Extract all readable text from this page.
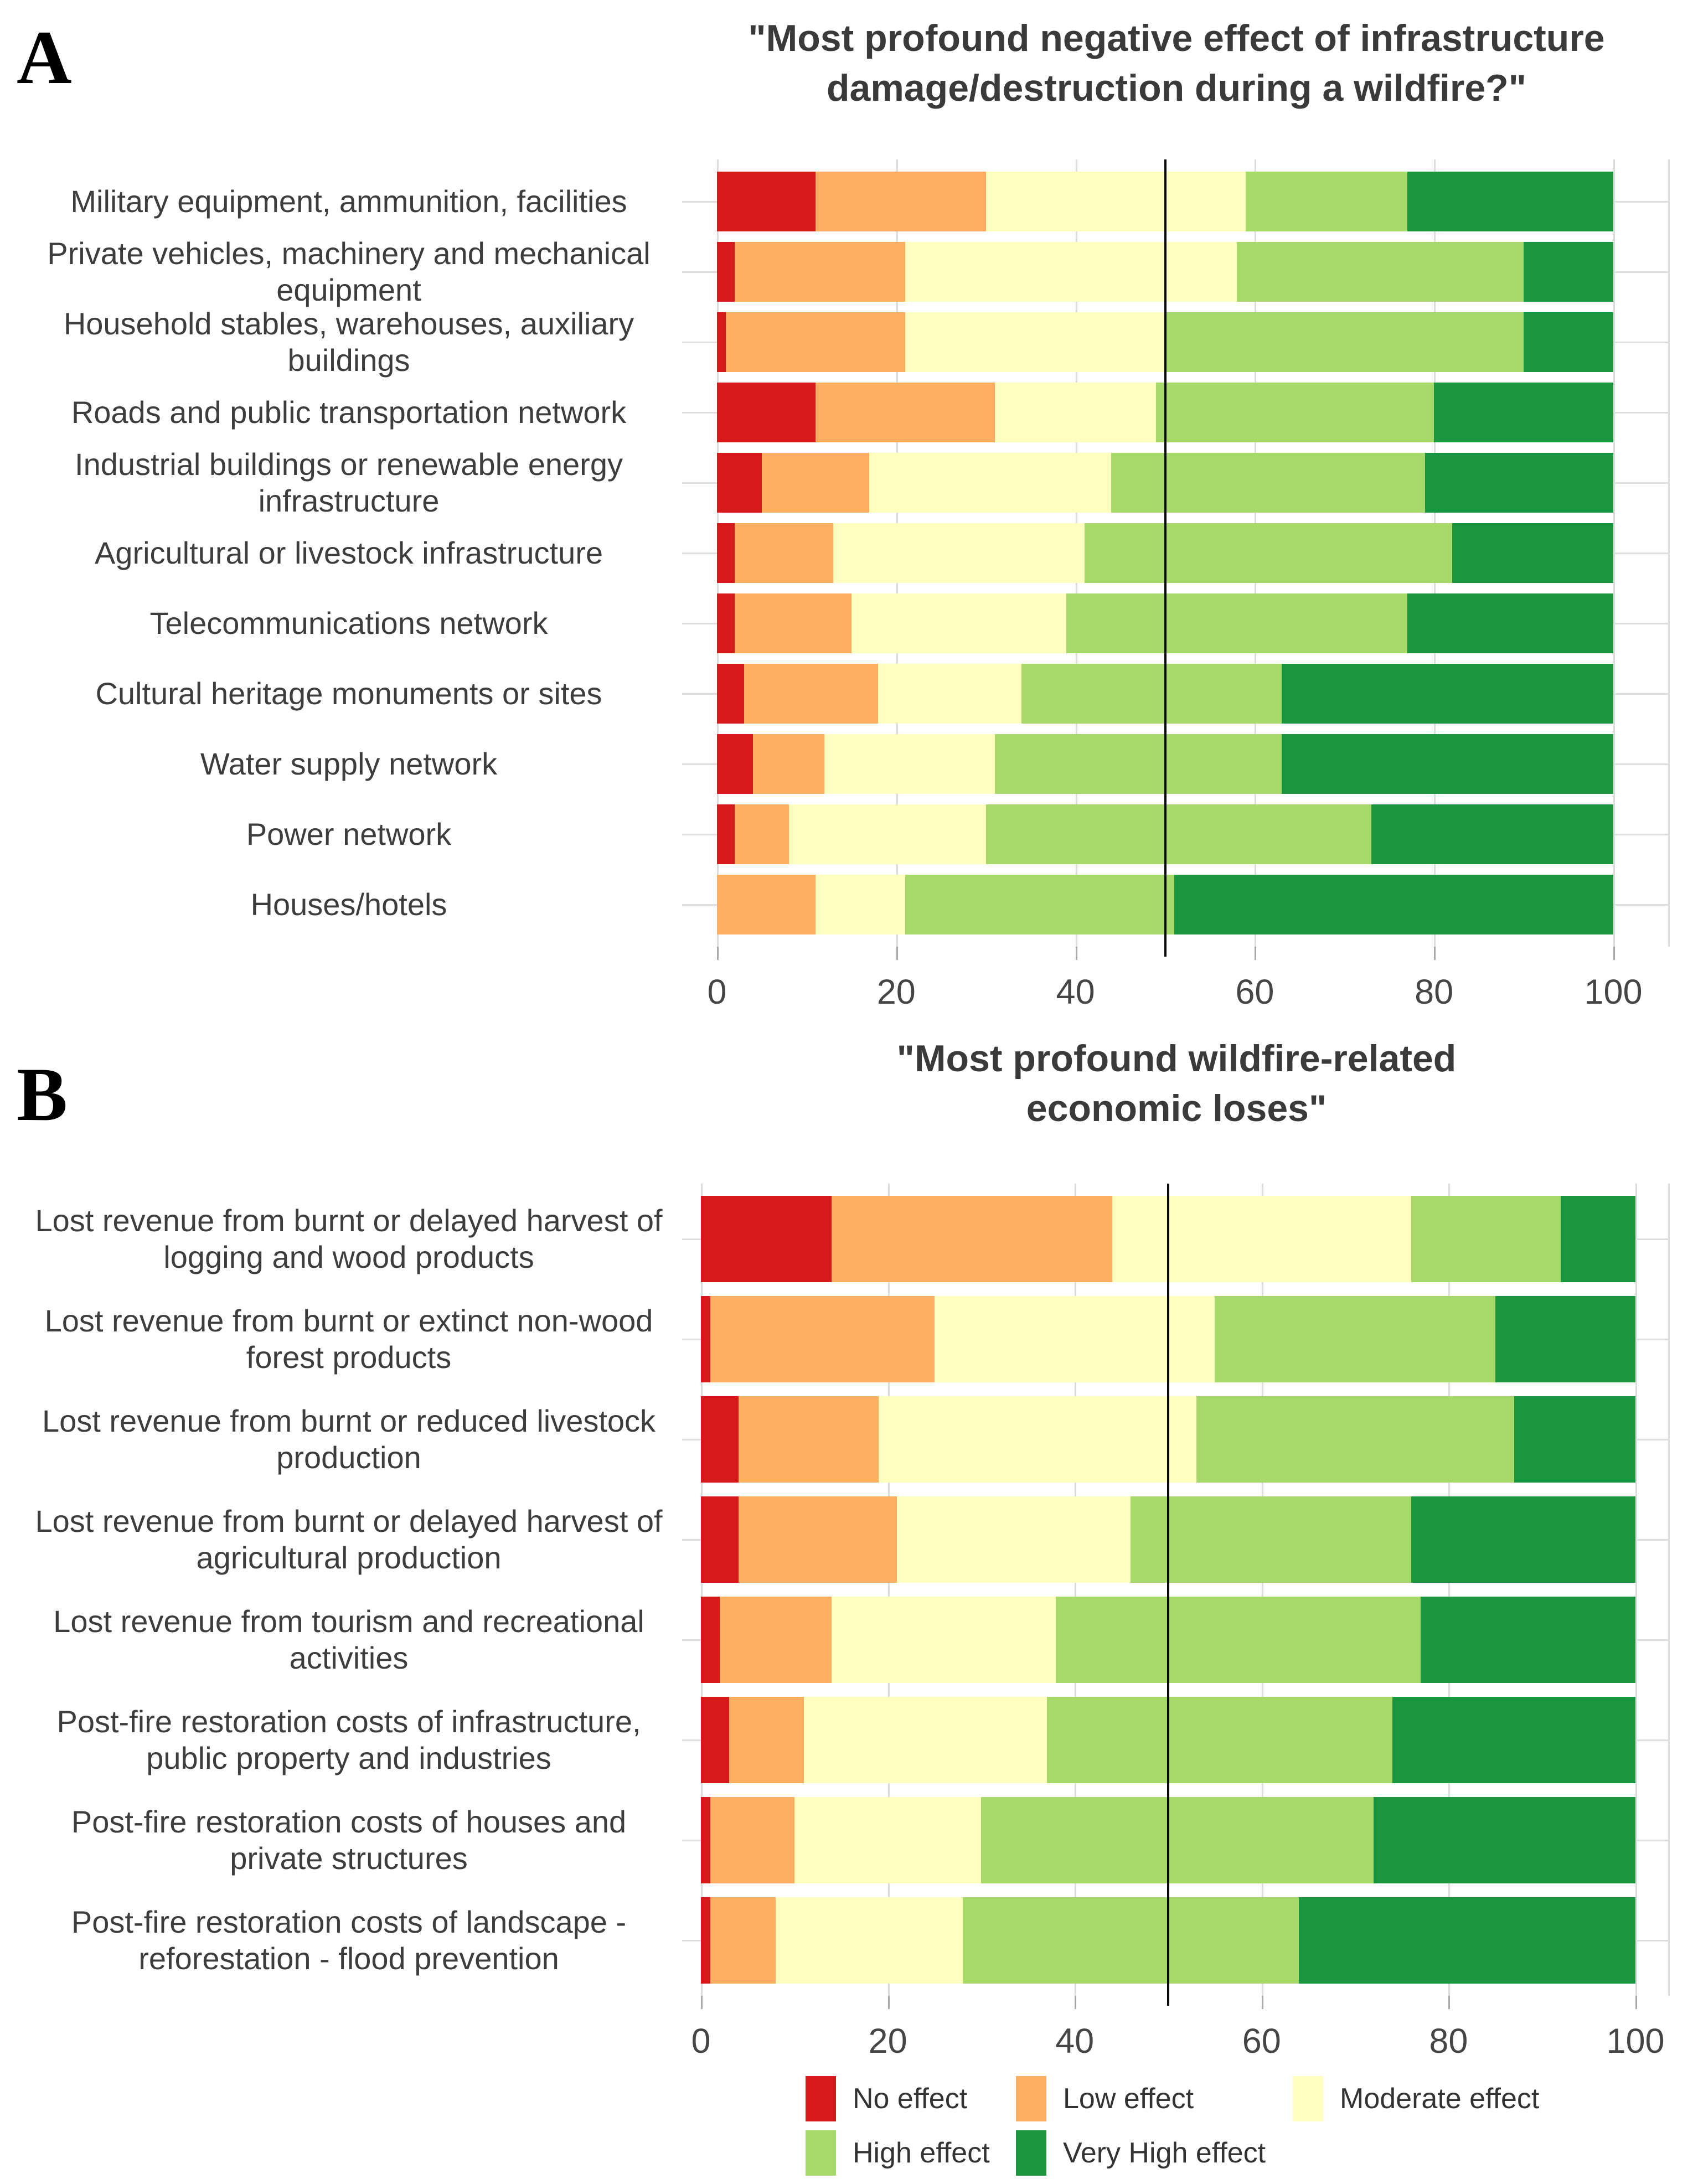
A	"Most profound negative effect of infrastructure
damage/destruction during a wildfire?"
Military equipment, ammunition, facilities
Private vehicles, machinery and mechanical equipment
Household stables, warehouses, auxiliary buildings
Roads and public transportation network
Industrial buildings or renewable energy infrastructure
Agricultural or livestock infrastructure
Telecommunications network
Cultural heritage monuments or sites
Water supply network
Power network
Houses/hotels
0	20	40	60	80	100
B	"Most profound wildfire-related
economic loses"
Lost revenue from burnt or delayed harvest of logging and wood products
Lost revenue from burnt or extinct non-wood forest products
Lost revenue from burnt or reduced livestock production
Lost revenue from burnt or delayed harvest of agricultural production
Lost revenue from tourism and recreational activities
Post-fire restoration costs of infrastructure, public property and industries
Post-fire restoration costs of houses and private structures
Post-fire restoration costs of landscape - reforestation - flood prevention
0	20	40	60	80	100
No effect	Low effect	Moderate effect
High effect	Very High effect
